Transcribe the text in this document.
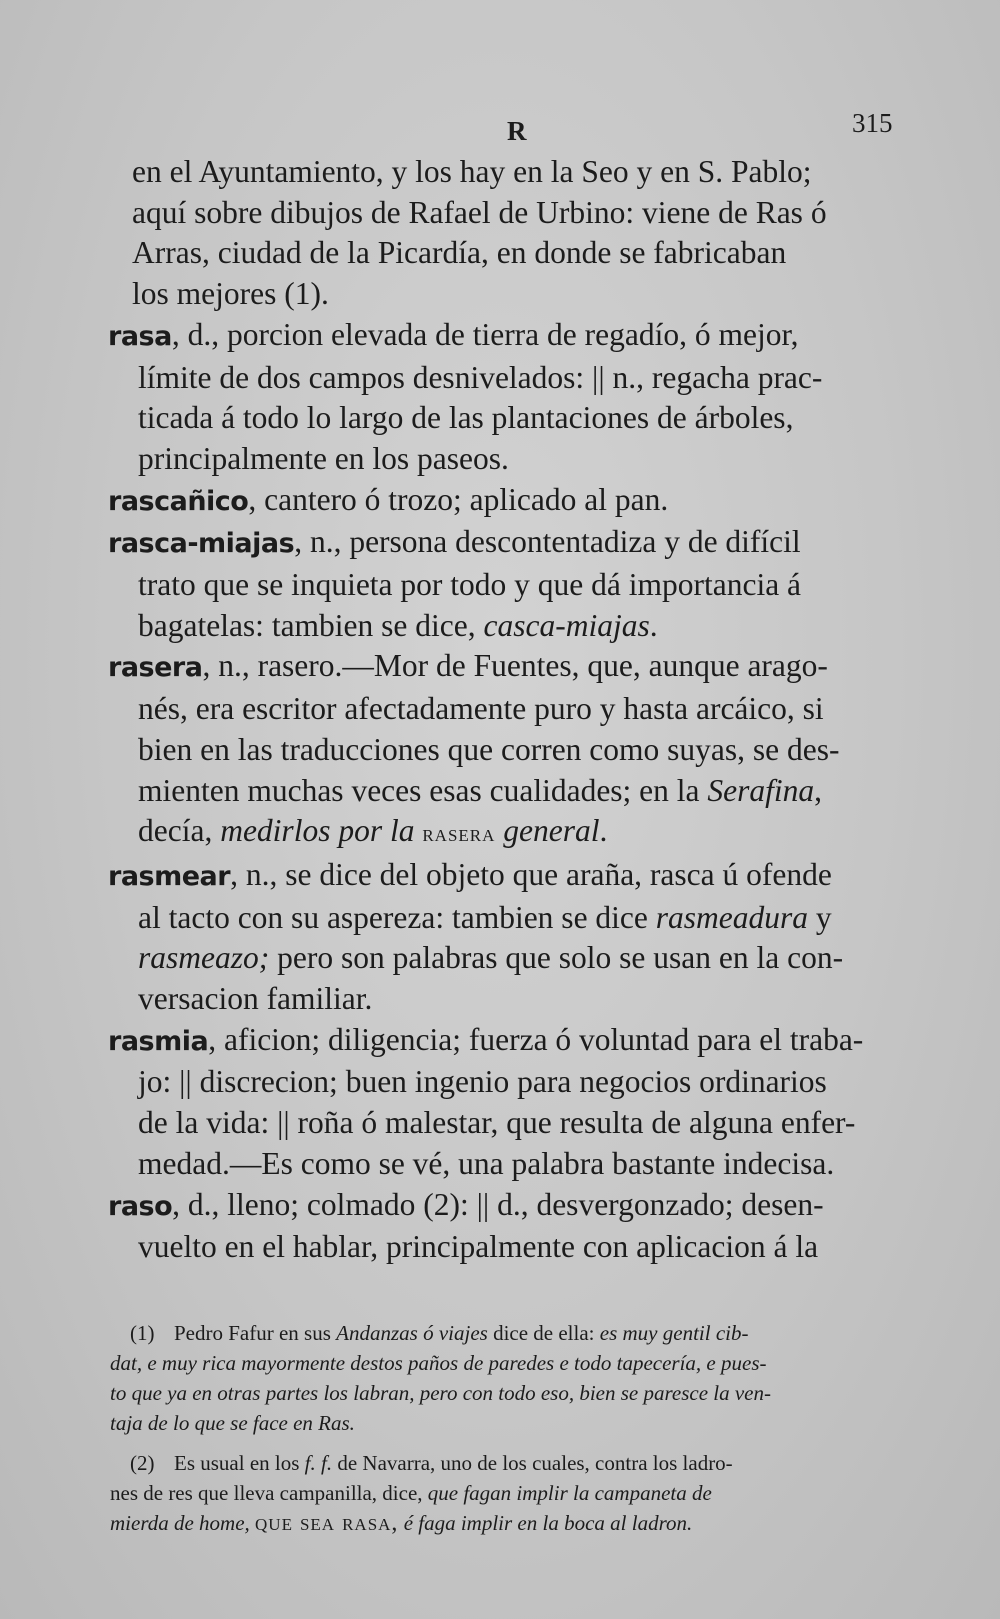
R	315
en el Ayuntamiento, y los hay en la Seo y en S. Pablo;
aquí sobre dibujos de Rafael de Urbino: viene de Ras ó
Arras, ciudad de la Picardía, en donde se fabricaban
los mejores (1).
rasa, d., porcion elevada de tierra de regadío, ó mejor,
límite de dos campos desnivelados: || n., regacha prac-
ticada á todo lo largo de las plantaciones de árboles,
principalmente en los paseos.
rascañico, cantero ó trozo; aplicado al pan.
rasca-miajas, n., persona descontentadiza y de difícil
trato que se inquieta por todo y que dá importancia á
bagatelas: tambien se dice, casca-miajas.
rasera, n., rasero.—Mor de Fuentes, que, aunque arago-
nés, era escritor afectadamente puro y hasta arcáico, si
bien en las traducciones que corren como suyas, se des-
mienten muchas veces esas cualidades; en la Serafina,
decía, medirlos por la rasera general.
rasmear, n., se dice del objeto que araña, rasca ú ofende
al tacto con su aspereza: tambien se dice rasmeadura y
rasmeazo; pero son palabras que solo se usan en la con-
versacion familiar.
rasmia, aficion; diligencia; fuerza ó voluntad para el traba-
jo: || discrecion; buen ingenio para negocios ordinarios
de la vida: || roña ó malestar, que resulta de alguna enfer-
medad.—Es como se vé, una palabra bastante indecisa.
raso, d., lleno; colmado (2): || d., desvergonzado; desen-
vuelto en el hablar, principalmente con aplicacion á la
(1) Pedro Fafur en sus Andanzas ó viajes dice de ella: es muy gentil cib-
dat, e muy rica mayormente destos paños de paredes e todo tapecería, e pues-
to que ya en otras partes los labran, pero con todo eso, bien se paresce la ven-
taja de lo que se face en Ras.
(2) Es usual en los f. f. de Navarra, uno de los cuales, contra los ladro-
nes de res que lleva campanilla, dice, que fagan implir la campaneta de
mierda de home, que sea rasa, é faga implir en la boca al ladron.
